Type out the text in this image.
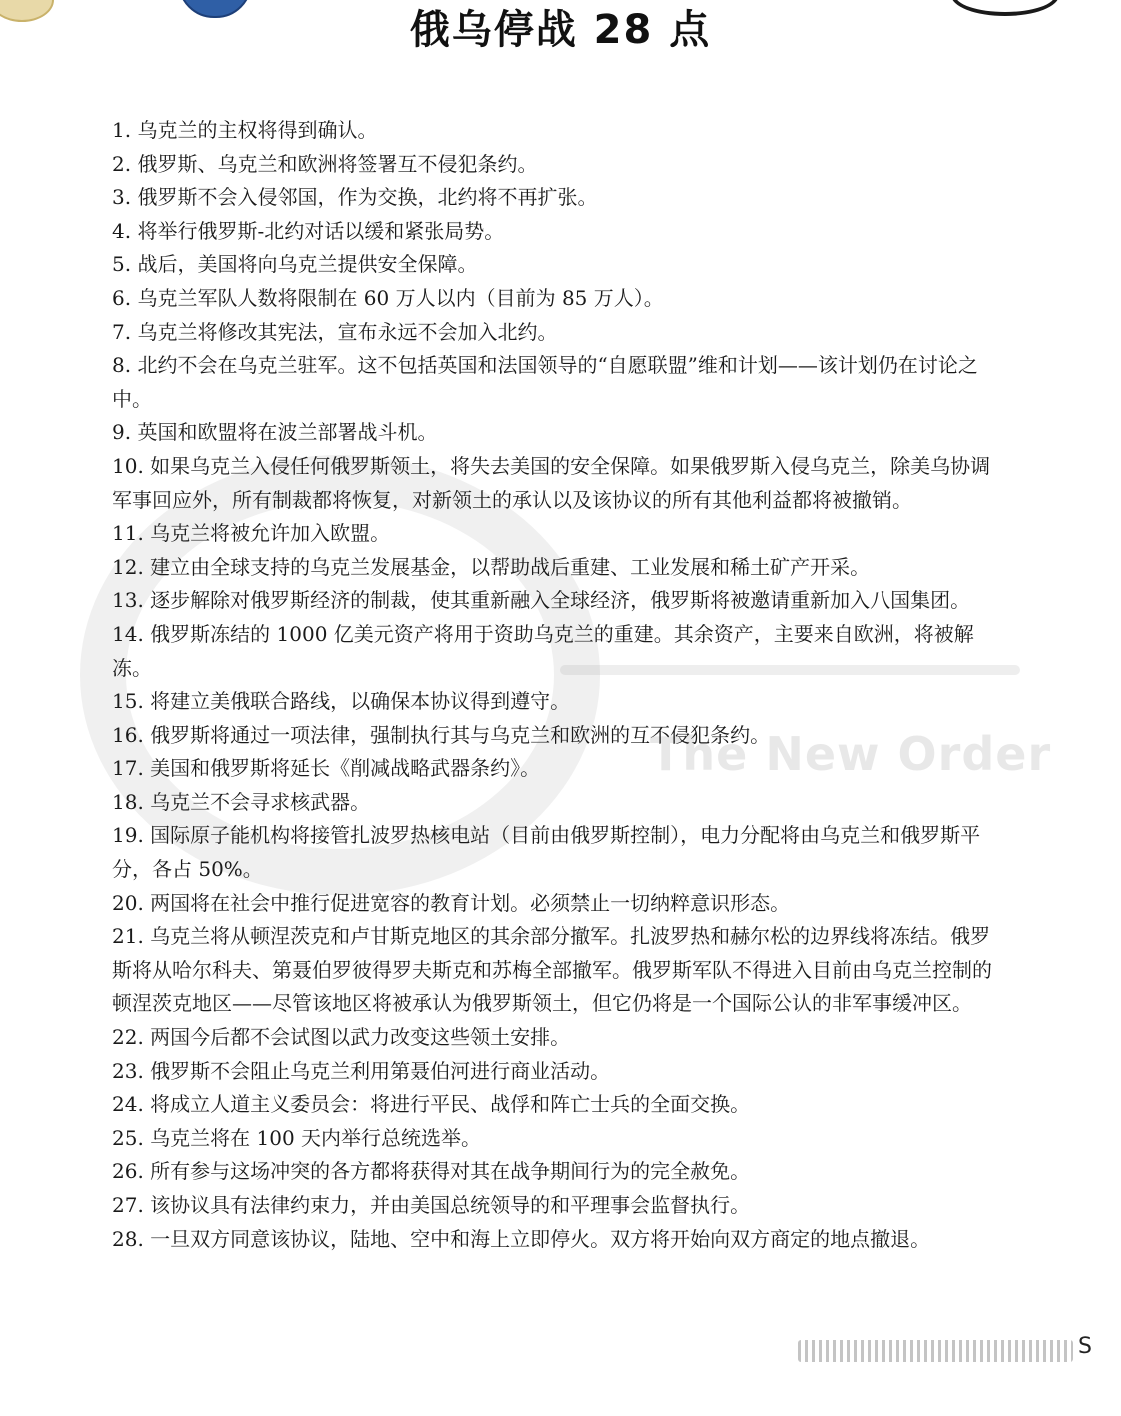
The New Order
俄乌停战 28 点
1. 乌克兰的主权将得到确认。
2. 俄罗斯、乌克兰和欧洲将签署互不侵犯条约。
3. 俄罗斯不会入侵邻国，作为交换，北约将不再扩张。
4. 将举行俄罗斯-北约对话以缓和紧张局势。
5. 战后，美国将向乌克兰提供安全保障。
6. 乌克兰军队人数将限制在 60 万人以内（目前为 85 万人）。
7. 乌克兰将修改其宪法，宣布永远不会加入北约。
8. 北约不会在乌克兰驻军。这不包括英国和法国领导的“自愿联盟”维和计划——该计划仍在讨论之中。
9. 英国和欧盟将在波兰部署战斗机。
10. 如果乌克兰入侵任何俄罗斯领土，将失去美国的安全保障。如果俄罗斯入侵乌克兰，除美乌协调军事回应外，所有制裁都将恢复，对新领土的承认以及该协议的所有其他利益都将被撤销。
11. 乌克兰将被允许加入欧盟。
12. 建立由全球支持的乌克兰发展基金，以帮助战后重建、工业发展和稀土矿产开采。
13. 逐步解除对俄罗斯经济的制裁，使其重新融入全球经济，俄罗斯将被邀请重新加入八国集团。
14. 俄罗斯冻结的 1000 亿美元资产将用于资助乌克兰的重建。其余资产，主要来自欧洲，将被解冻。
15. 将建立美俄联合路线，以确保本协议得到遵守。
16. 俄罗斯将通过一项法律，强制执行其与乌克兰和欧洲的互不侵犯条约。
17. 美国和俄罗斯将延长《削减战略武器条约》。
18. 乌克兰不会寻求核武器。
19. 国际原子能机构将接管扎波罗热核电站（目前由俄罗斯控制），电力分配将由乌克兰和俄罗斯平分，各占 50%。
20. 两国将在社会中推行促进宽容的教育计划。必须禁止一切纳粹意识形态。
21. 乌克兰将从顿涅茨克和卢甘斯克地区的其余部分撤军。扎波罗热和赫尔松的边界线将冻结。俄罗斯将从哈尔科夫、第聂伯罗彼得罗夫斯克和苏梅全部撤军。俄罗斯军队不得进入目前由乌克兰控制的顿涅茨克地区——尽管该地区将被承认为俄罗斯领土，但它仍将是一个国际公认的非军事缓冲区。
22. 两国今后都不会试图以武力改变这些领土安排。
23. 俄罗斯不会阻止乌克兰利用第聂伯河进行商业活动。
24. 将成立人道主义委员会：将进行平民、战俘和阵亡士兵的全面交换。
25. 乌克兰将在 100 天内举行总统选举。
26. 所有参与这场冲突的各方都将获得对其在战争期间行为的完全赦免。
27. 该协议具有法律约束力，并由美国总统领导的和平理事会监督执行。
28. 一旦双方同意该协议，陆地、空中和海上立即停火。双方将开始向双方商定的地点撤退。
S
